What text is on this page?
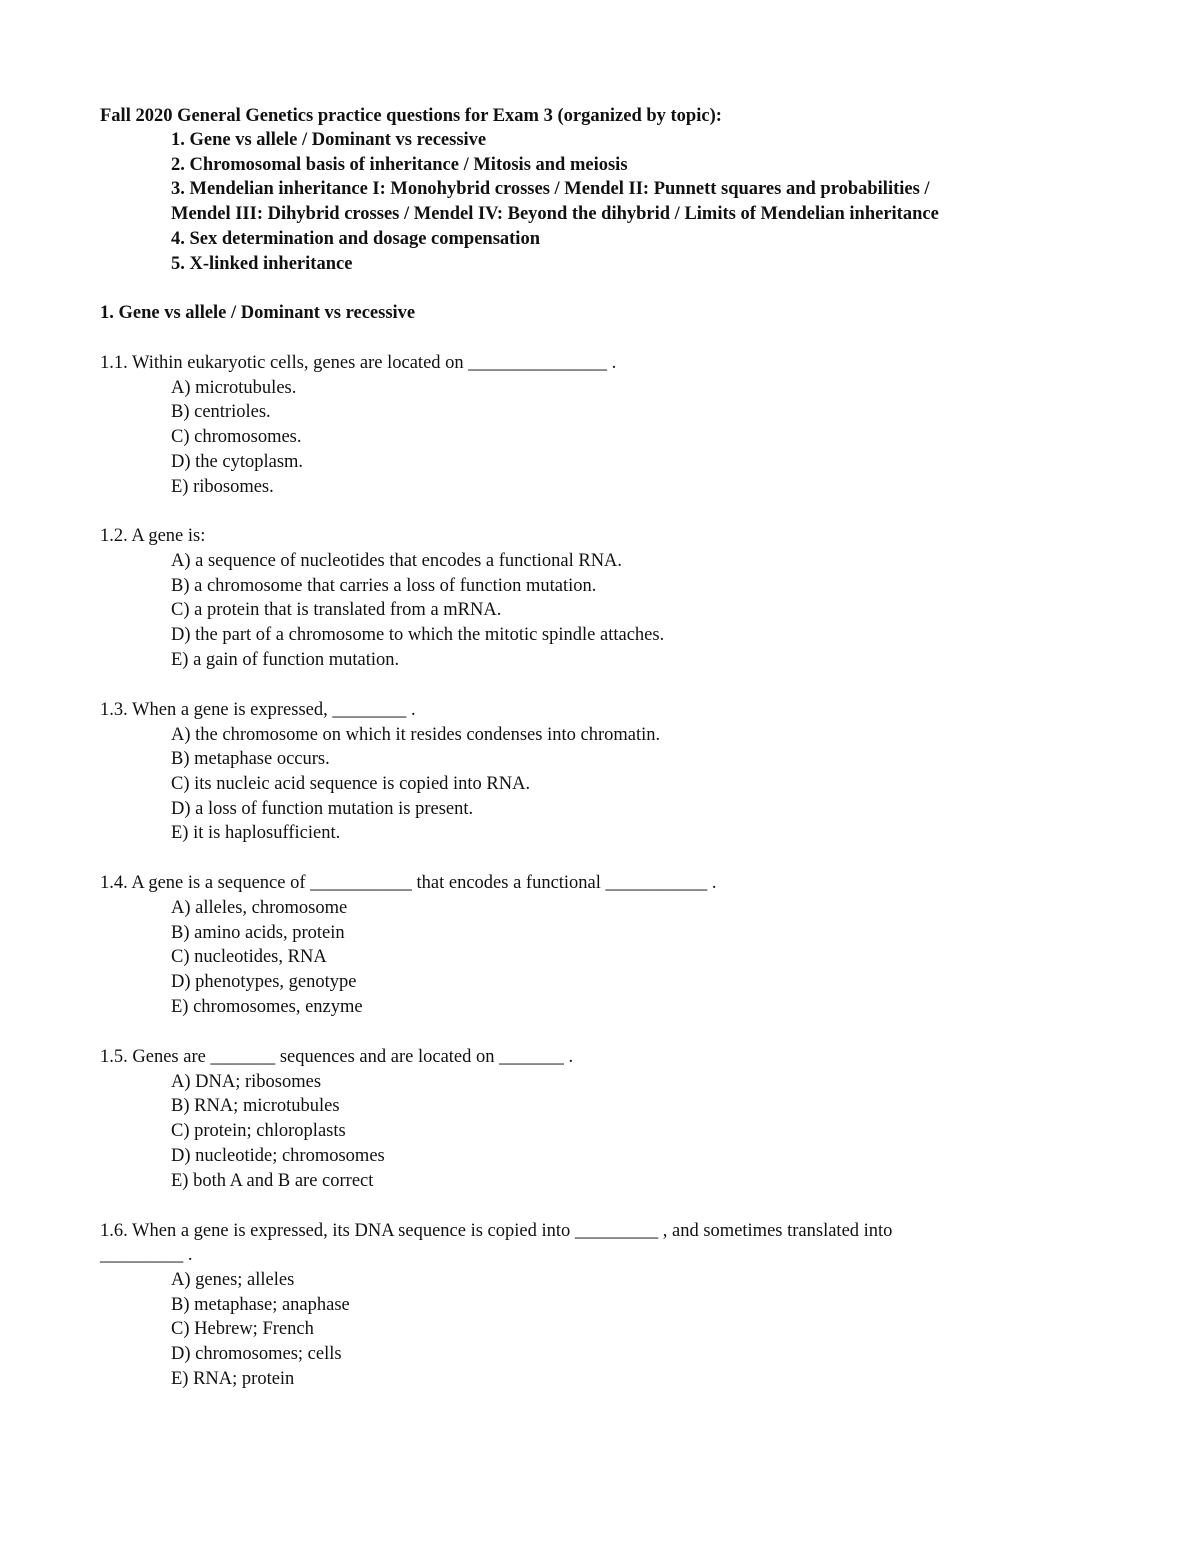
Fall 2020 General Genetics practice questions for Exam 3 (organized by topic):
1. Gene vs allele / Dominant vs recessive
2. Chromosomal basis of inheritance / Mitosis and meiosis
3. Mendelian inheritance I: Monohybrid crosses / Mendel II: Punnett squares and probabilities /
Mendel III: Dihybrid crosses / Mendel IV: Beyond the dihybrid / Limits of Mendelian inheritance
4. Sex determination and dosage compensation
5. X-linked inheritance
1. Gene vs allele / Dominant vs recessive
1.1. Within eukaryotic cells, genes are located on _______________ .
A) microtubules.
B) centrioles.
C) chromosomes.
D) the cytoplasm.
E) ribosomes.
1.2. A gene is:
A) a sequence of nucleotides that encodes a functional RNA.
B) a chromosome that carries a loss of function mutation.
C) a protein that is translated from a mRNA.
D) the part of a chromosome to which the mitotic spindle attaches.
E) a gain of function mutation.
1.3. When a gene is expressed, ________ .
A) the chromosome on which it resides condenses into chromatin.
B) metaphase occurs.
C) its nucleic acid sequence is copied into RNA.
D) a loss of function mutation is present.
E) it is haplosufficient.
1.4. A gene is a sequence of ___________ that encodes a functional ___________ .
A) alleles, chromosome
B) amino acids, protein
C) nucleotides, RNA
D) phenotypes, genotype
E) chromosomes, enzyme
1.5. Genes are _______ sequences and are located on _______ .
A) DNA; ribosomes
B) RNA; microtubules
C) protein; chloroplasts
D) nucleotide; chromosomes
E) both A and B are correct
1.6. When a gene is expressed, its DNA sequence is copied into _________ , and sometimes translated into
_________ .
A) genes; alleles
B) metaphase; anaphase
C) Hebrew; French
D) chromosomes; cells
E) RNA; protein
